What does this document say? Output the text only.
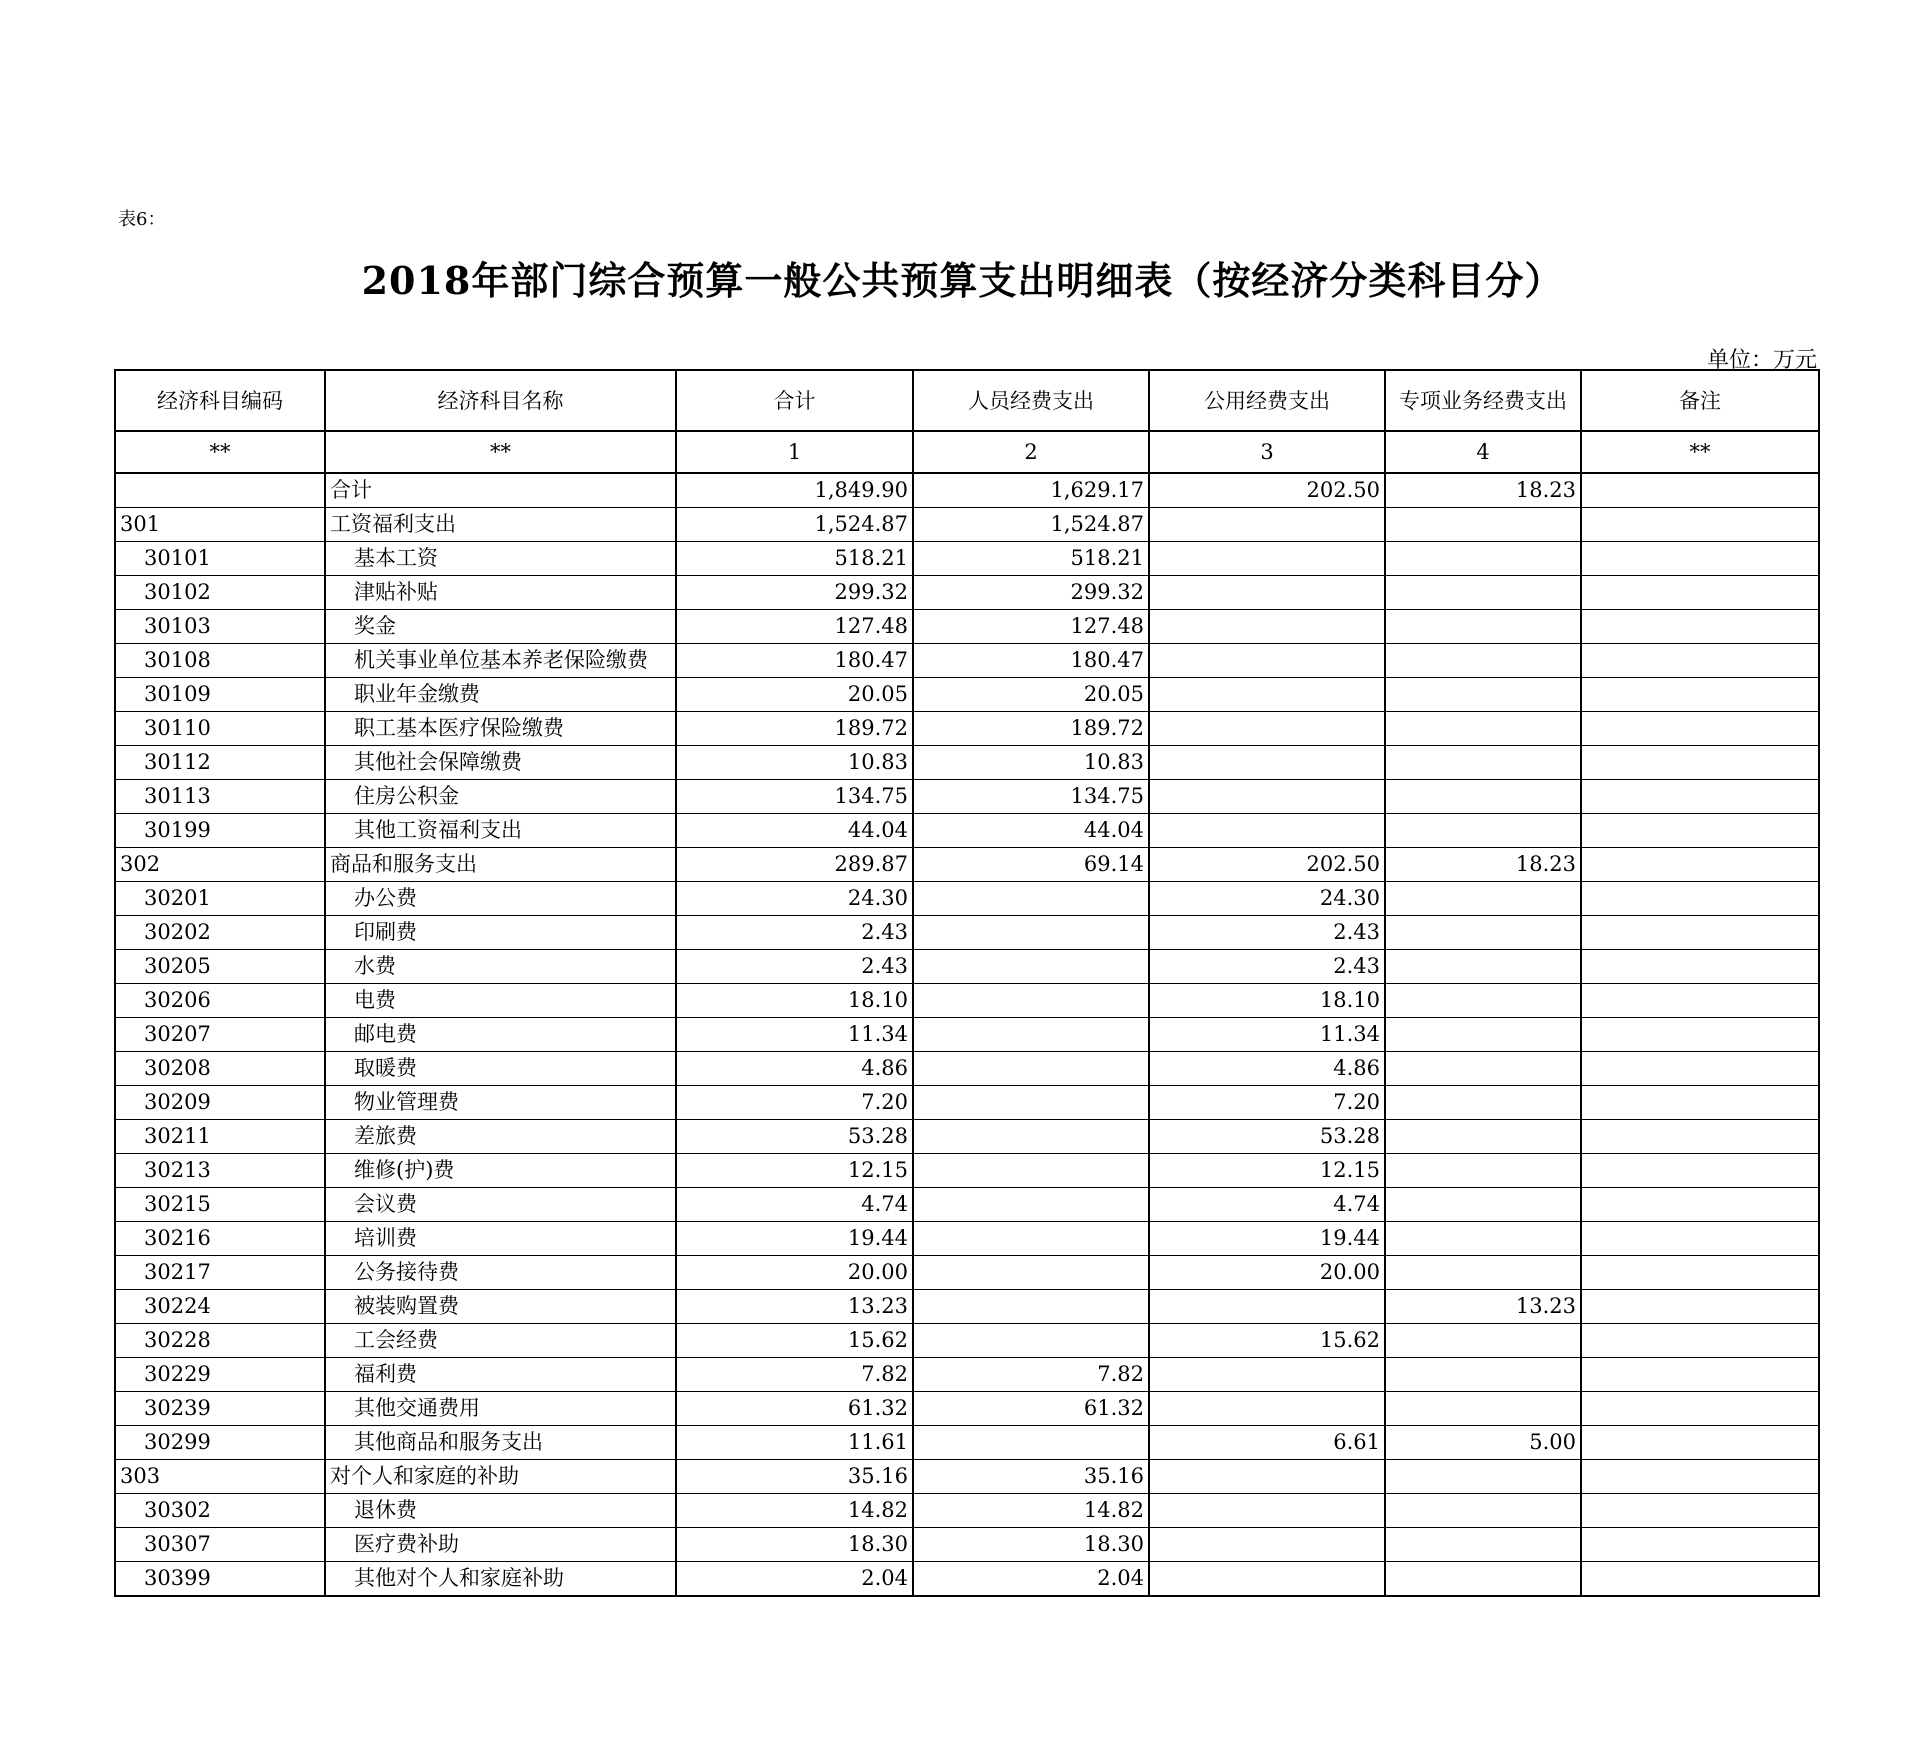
表6：
2018年部门综合预算一般公共预算支出明细表（按经济分类科目分）
单位：万元
经济科目编码	经济科目名称	合计	人员经费支出	公用经费支出	专项业务经费支出	备注
**	**	1	2	3	4	**
	合计	1,849.90	1,629.17	202.50	18.23	
301	工资福利支出	1,524.87	1,524.87			
30101	基本工资	518.21	518.21			
30102	津贴补贴	299.32	299.32			
30103	奖金	127.48	127.48			
30108	机关事业单位基本养老保险缴费	180.47	180.47			
30109	职业年金缴费	20.05	20.05			
30110	职工基本医疗保险缴费	189.72	189.72			
30112	其他社会保障缴费	10.83	10.83			
30113	住房公积金	134.75	134.75			
30199	其他工资福利支出	44.04	44.04			
302	商品和服务支出	289.87	69.14	202.50	18.23	
30201	办公费	24.30		24.30		
30202	印刷费	2.43		2.43		
30205	水费	2.43		2.43		
30206	电费	18.10		18.10		
30207	邮电费	11.34		11.34		
30208	取暖费	4.86		4.86		
30209	物业管理费	7.20		7.20		
30211	差旅费	53.28		53.28		
30213	维修(护)费	12.15		12.15		
30215	会议费	4.74		4.74		
30216	培训费	19.44		19.44		
30217	公务接待费	20.00		20.00		
30224	被装购置费	13.23			13.23	
30228	工会经费	15.62		15.62		
30229	福利费	7.82	7.82			
30239	其他交通费用	61.32	61.32			
30299	其他商品和服务支出	11.61		6.61	5.00	
303	对个人和家庭的补助	35.16	35.16			
30302	退休费	14.82	14.82			
30307	医疗费补助	18.30	18.30			
30399	其他对个人和家庭补助	2.04	2.04			
